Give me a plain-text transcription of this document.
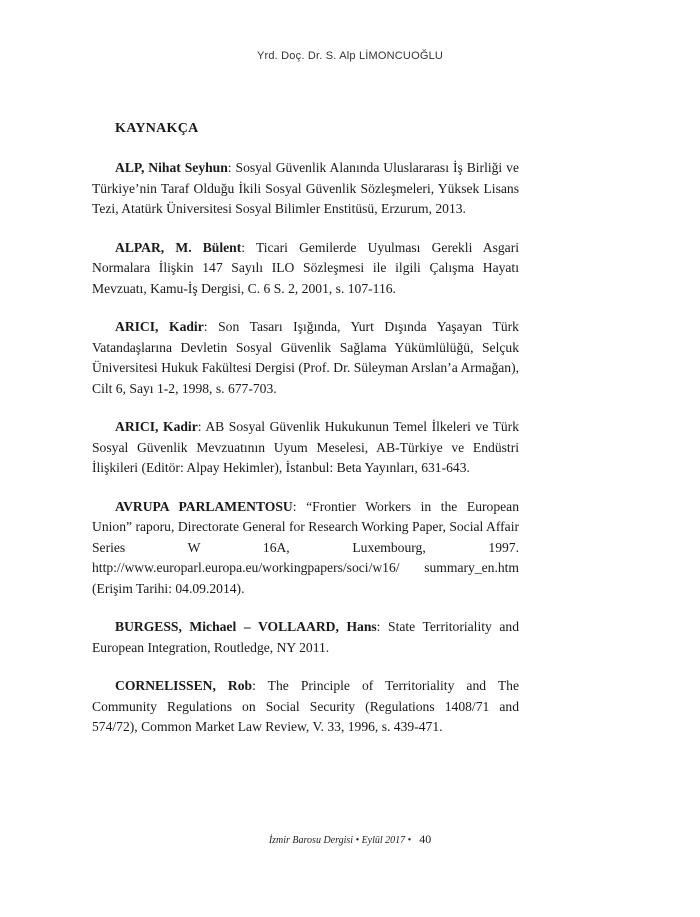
Yrd. Doç. Dr. S. Alp LİMONCUOĞLU
KAYNAKÇA

ALP, Nihat Seyhun: Sosyal Güvenlik Alanında Uluslararası İş Birliği ve Türkiye’nin Taraf Olduğu İkili Sosyal Güvenlik Sözleşmeleri, Yüksek Lisans Tezi, Atatürk Üniversitesi Sosyal Bilimler Enstitüsü, Erzurum, 2013.

ALPAR, M. Bülent: Ticari Gemilerde Uyulması Gerekli Asgari Normalara İlişkin 147 Sayılı ILO Sözleşmesi ile ilgili Çalışma Hayatı Mevzuatı, Kamu-İş Dergisi, C. 6 S. 2, 2001, s. 107-116.

ARICI, Kadir: Son Tasarı Işığında, Yurt Dışında Yaşayan Türk Vatandaşlarına Devletin Sosyal Güvenlik Sağlama Yükümlülüğü, Selçuk Üniversitesi Hukuk Fakültesi Dergisi (Prof. Dr. Süleyman Arslan’a Armağan), Cilt 6, Sayı 1-2, 1998, s. 677-703.

ARICI, Kadir: AB Sosyal Güvenlik Hukukunun Temel İlkeleri ve Türk Sosyal Güvenlik Mevzuatının Uyum Meselesi, AB-Türkiye ve Endüstri İlişkileri (Editör: Alpay Hekimler), İstanbul: Beta Yayınları, 631-643.

AVRUPA PARLAMENTOSU: “Frontier Workers in the European Union” raporu, Directorate General for Research Working Paper, Social Affair Series W 16A, Luxembourg, 1997. http://www.europarl.europa.eu/workingpapers/soci/w16/ summary_en.htm (Erişim Tarihi: 04.09.2014).

BURGESS, Michael – VOLLAARD, Hans: State Territoriality and European Integration, Routledge, NY 2011.

CORNELISSEN, Rob: The Principle of Territoriality and The Community Regulations on Social Security (Regulations 1408/71 and 574/72), Common Market Law Review, V. 33, 1996, s. 439-471.

İzmir Barosu Dergisi • Eylül 2017 • 40
